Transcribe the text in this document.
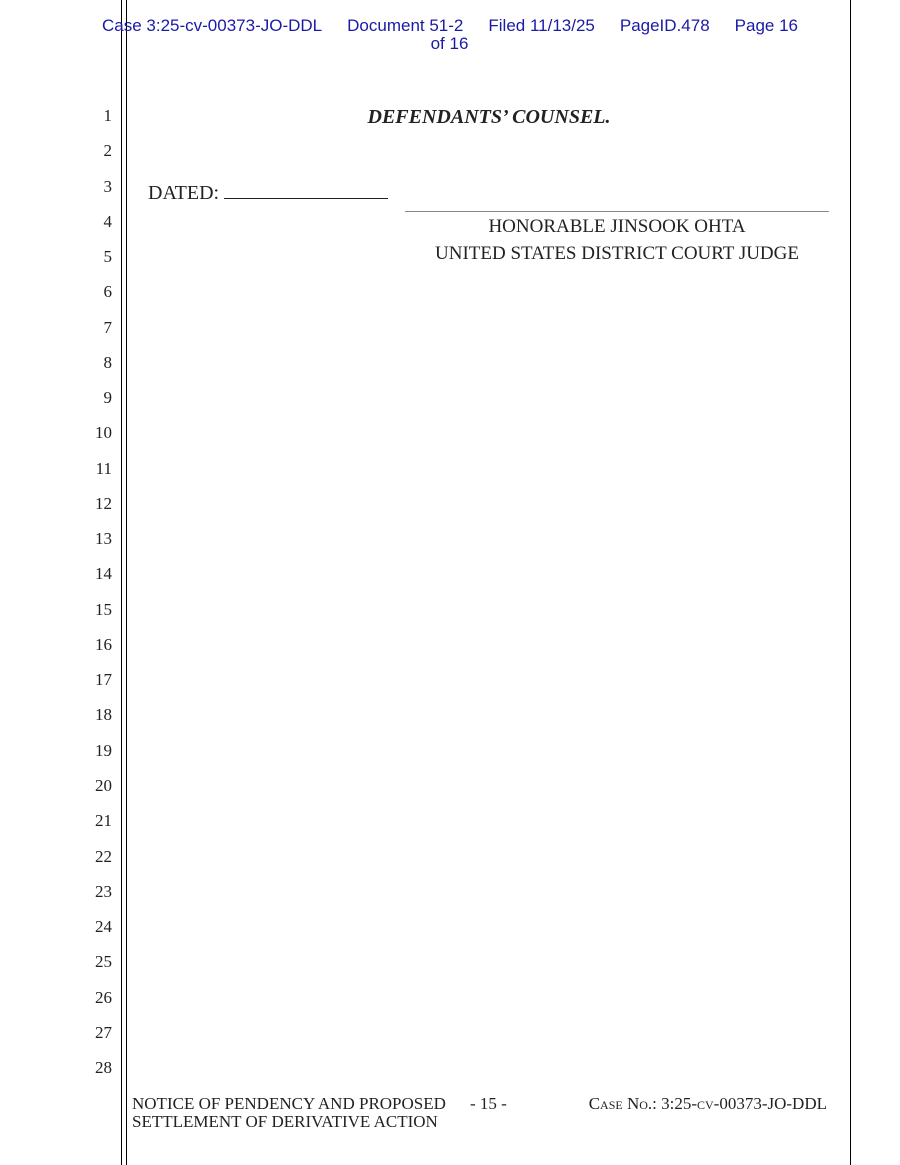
Case 3:25-cv-00373-JO-DDL Document 51-2 Filed 11/13/25 PageID.478 Page 16
of 16
1
2
3
4
5
6
7
8
9
10
11
12
13
14
15
16
17
18
19
20
21
22
23
24
25
26
27
28
DEFENDANTS’ COUNSEL.
DATED:
HONORABLE JINSOOK OHTA
UNITED STATES DISTRICT COURT JUDGE
NOTICE OF PENDENCY AND PROPOSED
SETTLEMENT OF DERIVATIVE ACTION
- 15 -	Case No.: 3:25-cv-00373-JO-DDL
